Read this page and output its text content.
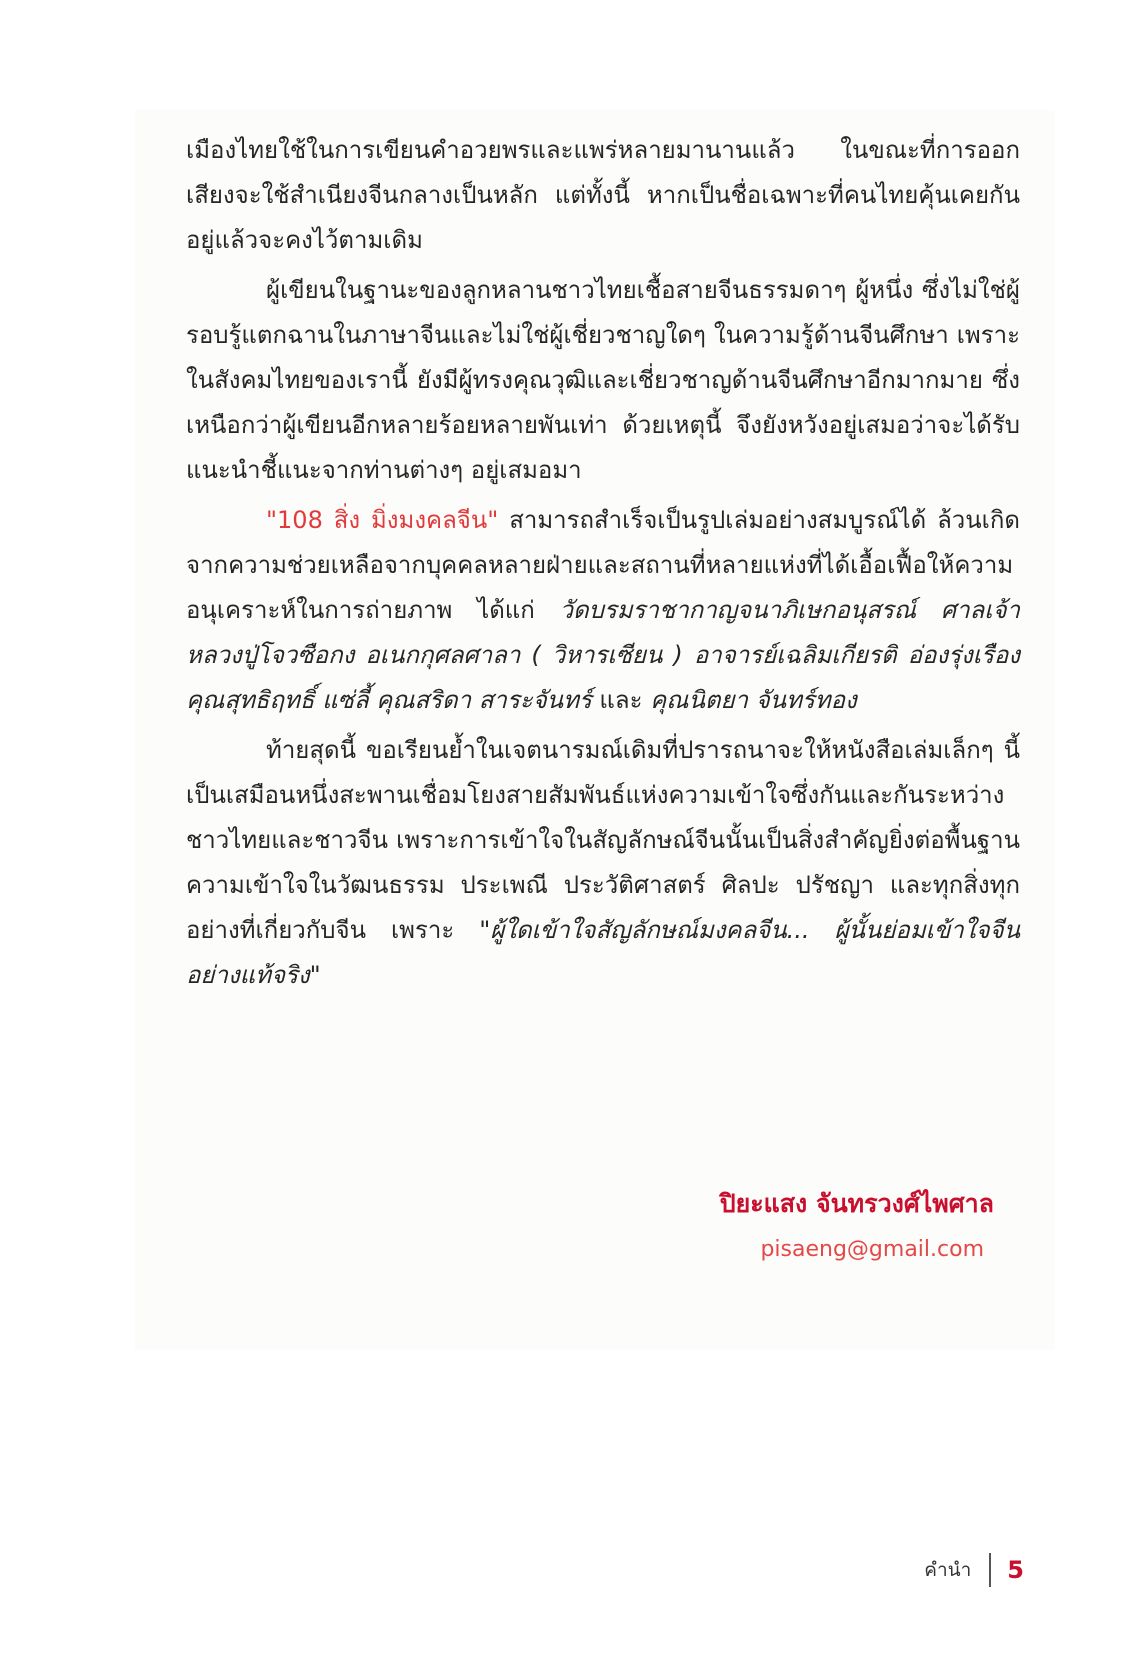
เมืองไทยใช้ในการเขียนคำอวยพรและแพร่หลายมานานแล้ว ในขณะที่การออกเสียงจะใช้สำเนียงจีนกลางเป็นหลัก แต่ทั้งนี้ หากเป็นชื่อเฉพาะที่คนไทยคุ้นเคยกันอยู่แล้วจะคงไว้ตามเดิม

ผู้เขียนในฐานะของลูกหลานชาวไทยเชื้อสายจีนธรรมดาๆ ผู้หนึ่ง ซึ่งไม่ใช่ผู้รอบรู้แตกฉานในภาษาจีนและไม่ใช่ผู้เชี่ยวชาญใดๆ ในความรู้ด้านจีนศึกษา เพราะในสังคมไทยของเรานี้ ยังมีผู้ทรงคุณวุฒิและเชี่ยวชาญด้านจีนศึกษาอีกมากมาย ซึ่งเหนือกว่าผู้เขียนอีกหลายร้อยหลายพันเท่า ด้วยเหตุนี้ จึงยังหวังอยู่เสมอว่าจะได้รับแนะนำชี้แนะจากท่านต่างๆ อยู่เสมอมา

"108 สิ่ง มิ่งมงคลจีน" สามารถสำเร็จเป็นรูปเล่มอย่างสมบูรณ์ได้ ล้วนเกิดจากความช่วยเหลือจากบุคคลหลายฝ่ายและสถานที่หลายแห่งที่ได้เอื้อเฟื้อให้ความอนุเคราะห์ในการถ่ายภาพ ได้แก่ วัดบรมราชากาญจนาภิเษกอนุสรณ์ ศาลเจ้าหลวงปู่โจวซือกง อเนกกุศลศาลา ( วิหารเซียน ) อาจารย์เฉลิมเกียรติ อ่องรุ่งเรือง คุณสุทธิฤทธิ์ แซ่ลี้ คุณสริดา สาระจันทร์ และ คุณนิตยา จันทร์ทอง

ท้ายสุดนี้ ขอเรียนย้ำในเจตนารมณ์เดิมที่ปรารถนาจะให้หนังสือเล่มเล็กๆ นี้เป็นเสมือนหนึ่งสะพานเชื่อมโยงสายสัมพันธ์แห่งความเข้าใจซึ่งกันและกันระหว่างชาวไทยและชาวจีน เพราะการเข้าใจในสัญลักษณ์จีนนั้นเป็นสิ่งสำคัญยิ่งต่อพื้นฐานความเข้าใจในวัฒนธรรม ประเพณี ประวัติศาสตร์ ศิลปะ ปรัชญา และทุกสิ่งทุกอย่างที่เกี่ยวกับจีน เพราะ "ผู้ใดเข้าใจสัญลักษณ์มงคลจีน... ผู้นั้นย่อมเข้าใจจีนอย่างแท้จริง"

ปิยะแสง จันทรวงศ์ไพศาล
pisaeng@gmail.com
คำนำ 5
